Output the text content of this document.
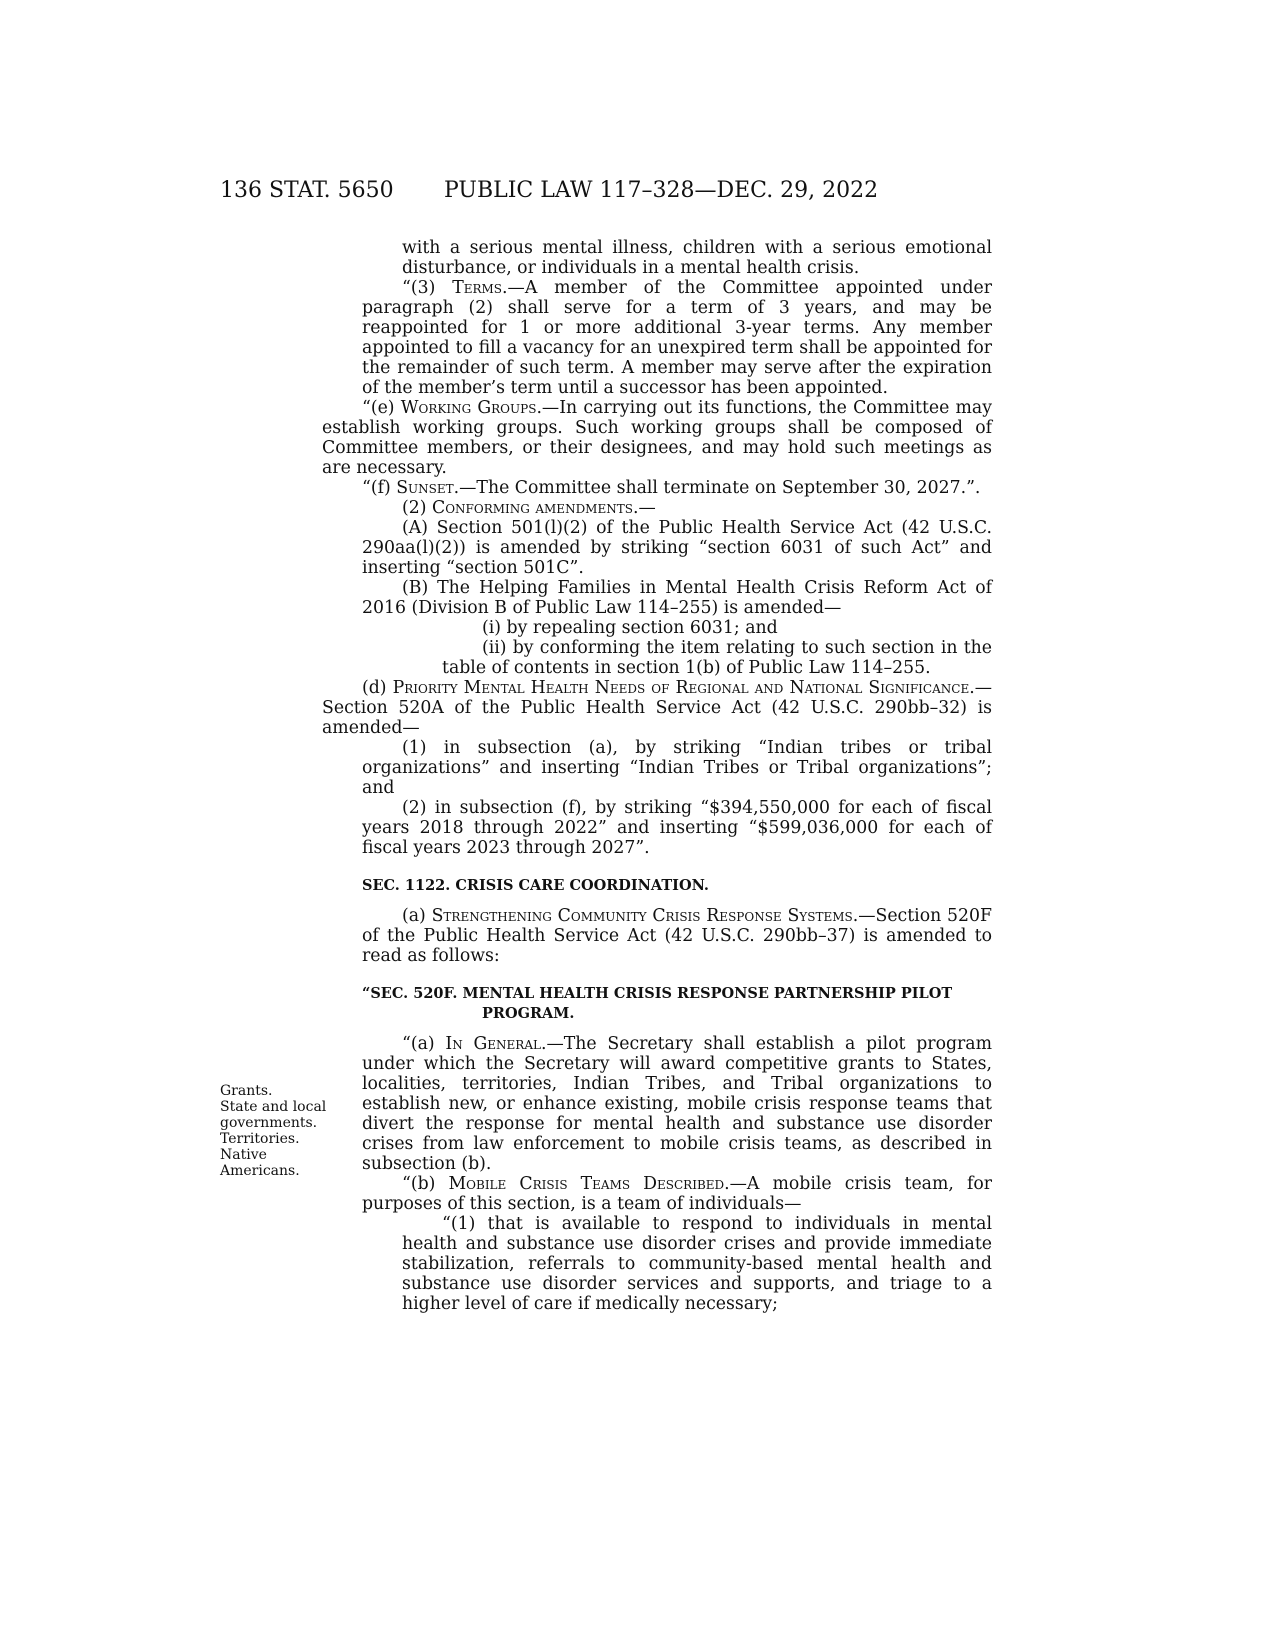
136 STAT. 5650 PUBLIC LAW 117–328—DEC. 29, 2022
Grants.
State and local
governments.
Territories.
Native
Americans.

with a serious mental illness, children with a serious emotional disturbance, or individuals in a mental health crisis.

“(3) Terms.—A member of the Committee appointed under paragraph (2) shall serve for a term of 3 years, and may be reappointed for 1 or more additional 3-year terms. Any member appointed to fill a vacancy for an unexpired term shall be appointed for the remainder of such term. A member may serve after the expiration of the member’s term until a successor has been appointed.

“(e) Working Groups.—In carrying out its functions, the Committee may establish working groups. Such working groups shall be composed of Committee members, or their designees, and may hold such meetings as are necessary.

“(f) Sunset.—The Committee shall terminate on September 30, 2027.”.

(2) Conforming amendments.—

(A) Section 501(l)(2) of the Public Health Service Act (42 U.S.C. 290aa(l)(2)) is amended by striking “section 6031 of such Act” and inserting “section 501C”.

(B) The Helping Families in Mental Health Crisis Reform Act of 2016 (Division B of Public Law 114–255) is amended—

(i) by repealing section 6031; and

(ii) by conforming the item relating to such section in the table of contents in section 1(b) of Public Law 114–255.

(d) Priority Mental Health Needs of Regional and National Significance.—Section 520A of the Public Health Service Act (42 U.S.C. 290bb–32) is amended—

(1) in subsection (a), by striking “Indian tribes or tribal organizations” and inserting “Indian Tribes or Tribal organizations”; and

(2) in subsection (f), by striking “$394,550,000 for each of fiscal years 2018 through 2022” and inserting “$599,036,000 for each of fiscal years 2023 through 2027”.

SEC. 1122. CRISIS CARE COORDINATION.

(a) Strengthening Community Crisis Response Systems.—Section 520F of the Public Health Service Act (42 U.S.C. 290bb–37) is amended to read as follows:

“SEC. 520F. MENTAL HEALTH CRISIS RESPONSE PARTNERSHIP PILOT PROGRAM.

“(a) In General.—The Secretary shall establish a pilot program under which the Secretary will award competitive grants to States, localities, territories, Indian Tribes, and Tribal organizations to establish new, or enhance existing, mobile crisis response teams that divert the response for mental health and substance use disorder crises from law enforcement to mobile crisis teams, as described in subsection (b).

“(b) Mobile Crisis Teams Described.—A mobile crisis team, for purposes of this section, is a team of individuals—

“(1) that is available to respond to individuals in mental health and substance use disorder crises and provide immediate stabilization, referrals to community-based mental health and substance use disorder services and supports, and triage to a higher level of care if medically necessary;
